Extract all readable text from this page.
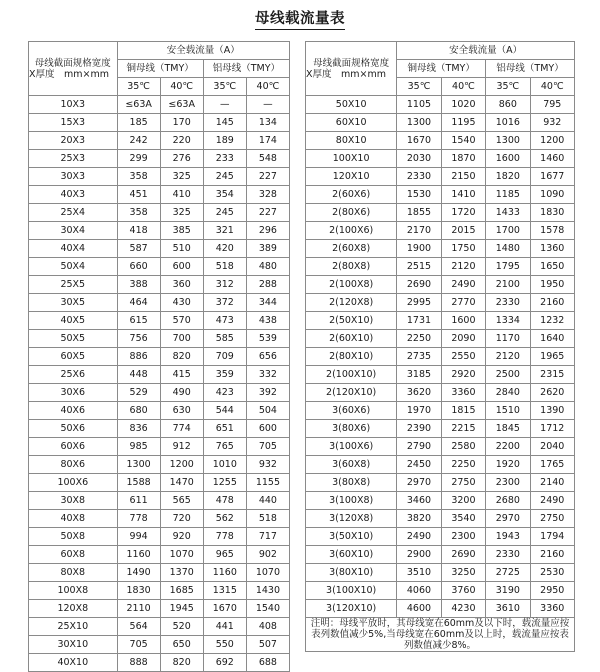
母线载流量表
母线截面规格宽度
X厚度　mm×mm	安全载流量（A）			
	铜母线（TMY）		铝母线（TMY）	
	35℃	40℃	35℃	40℃
10X3	≤63A	≤63A	—	—
15X3	185	170	145	134
20X3	242	220	189	174
25X3	299	276	233	548
30X3	358	325	245	227
40X3	451	410	354	328
25X4	358	325	245	227
30X4	418	385	321	296
40X4	587	510	420	389
50X4	660	600	518	480
25X5	388	360	312	288
30X5	464	430	372	344
40X5	615	570	473	438
50X5	756	700	585	539
60X5	886	820	709	656
25X6	448	415	359	332
30X6	529	490	423	392
40X6	680	630	544	504
50X6	836	774	651	600
60X6	985	912	765	705
80X6	1300	1200	1010	932
100X6	1588	1470	1255	1155
30X8	611	565	478	440
40X8	778	720	562	518
50X8	994	920	778	717
60X8	1160	1070	965	902
80X8	1490	1370	1160	1070
100X8	1830	1685	1315	1430
120X8	2110	1945	1670	1540
25X10	564	520	441	408
30X10	705	650	550	507
40X10	888	820	692	688
母线截面规格宽度
X厚度　mm×mm	安全载流量（A）			
	铜母线（TMY）		铝母线（TMY）	
	35℃	40℃	35℃	40℃
50X10	1105	1020	860	795
60X10	1300	1195	1016	932
80X10	1670	1540	1300	1200
100X10	2030	1870	1600	1460
120X10	2330	2150	1820	1677
2(60X6)	1530	1410	1185	1090
2(80X6)	1855	1720	1433	1830
2(100X6)	2170	2015	1700	1578
2(60X8)	1900	1750	1480	1360
2(80X8)	2515	2120	1795	1650
2(100X8)	2690	2490	2100	1950
2(120X8)	2995	2770	2330	2160
2(50X10)	1731	1600	1334	1232
2(60X10)	2250	2090	1170	1640
2(80X10)	2735	2550	2120	1965
2(100X10)	3185	2920	2500	2315
2(120X10)	3620	3360	2840	2620
3(60X6)	1970	1815	1510	1390
3(80X6)	2390	2215	1845	1712
3(100X6)	2790	2580	2200	2040
3(60X8)	2450	2250	1920	1765
3(80X8)	2970	2750	2300	2140
3(100X8)	3460	3200	2680	2490
3(120X8)	3820	3540	2970	2750
3(50X10)	2490	2300	1943	1794
3(60X10)	2900	2690	2330	2160
3(80X10)	3510	3250	2725	2530
3(100X10)	4060	3760	3190	2950
3(120X10)	4600	4230	3610	3360

注明：母线平放时，其母线宽在60mm及以下时，载流量应按
表列数值减少5%,当母线宽在60mm及以上时，载流量应按表
列数值减少8%。				
